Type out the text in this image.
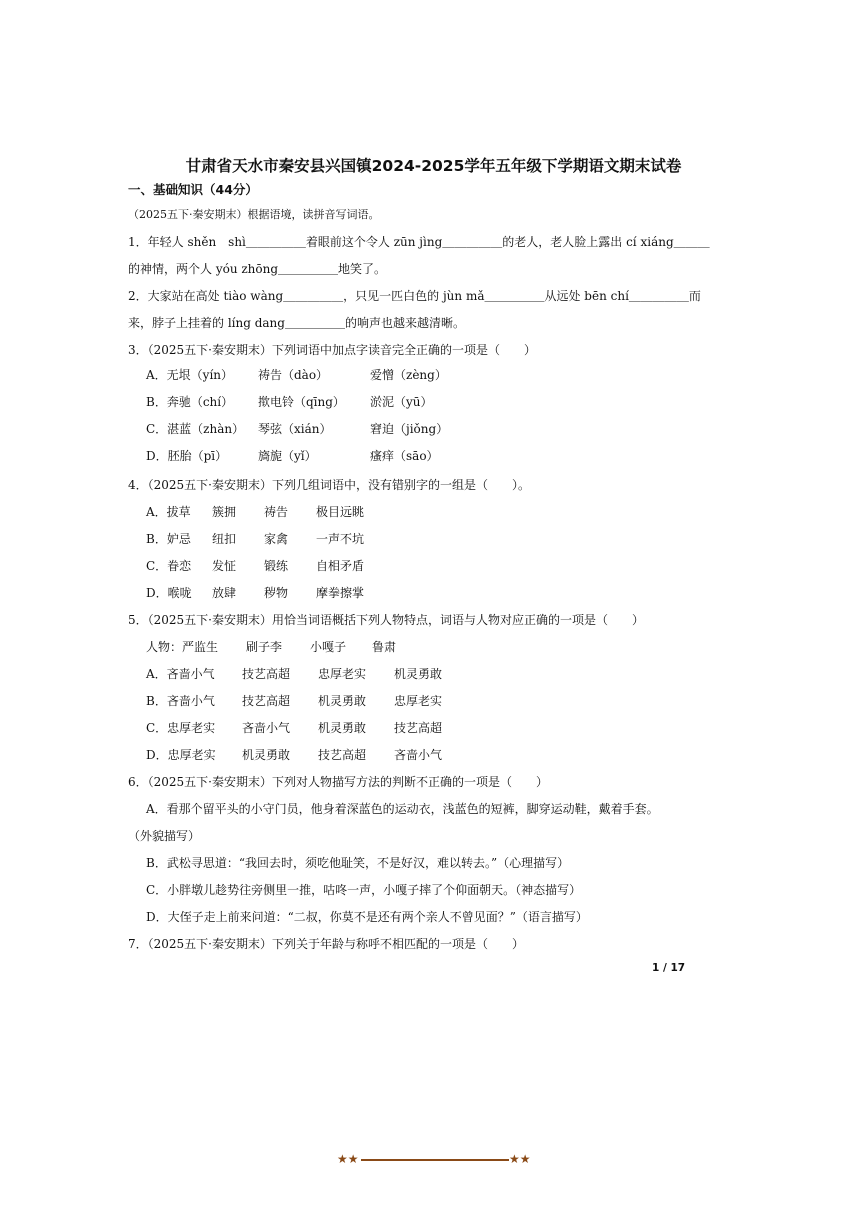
甘肃省天水市秦安县兴国镇2024-2025学年五年级下学期语文期末试卷
一、基础知识（44分）
（2025五下·秦安期末）根据语境，读拼音写词语。
1．年轻人 shěn　shì＿＿＿＿＿着眼前这个令人 zūn jìng＿＿＿＿＿的老人，老人脸上露出 cí xiáng＿＿＿
的神情，两个人 yóu zhōng＿＿＿＿＿地笑了。
2．大家站在高处 tiào wàng＿＿＿＿＿，只见一匹白色的 jùn mǎ＿＿＿＿＿从远处 bēn chí＿＿＿＿＿而
来，脖子上挂着的 líng dang＿＿＿＿＿的响声也越来越清晰。
3．（2025五下·秦安期末）下列词语中加点字读音完全正确的一项是（　　）
A．无垠（yín） 祷告（dào）	爱憎（zèng）
B．奔驰（chí） 揿电铃（qīng） 淤泥（yū）
C．湛蓝（zhàn） 琴弦（xián）	窘迫（jiǒng）
D．胚胎（pī）	旖旎（yǐ）	瘙痒（sāo）
4．（2025五下·秦安期末）下列几组词语中，没有错别字的一组是（　　）。
A．拔草 簇拥 祷告 极目远眺
B．妒忌 纽扣 家禽 一声不坑
C．眷恋 发怔 锻练 自相矛盾
D．喉咙 放肆 秽物 摩拳擦掌
5．（2025五下·秦安期末）用恰当词语概括下列人物特点，词语与人物对应正确的一项是（　　）
人物：严监生 刷子李 小嘎子 鲁肃
A．吝啬小气 技艺高超 忠厚老实 机灵勇敢
B．吝啬小气 技艺高超 机灵勇敢 忠厚老实
C．忠厚老实 吝啬小气 机灵勇敢 技艺高超
D．忠厚老实 机灵勇敢 技艺高超 吝啬小气
6．（2025五下·秦安期末）下列对人物描写方法的判断不正确的一项是（　　）
A．看那个留平头的小守门员，他身着深蓝色的运动衣，浅蓝色的短裤，脚穿运动鞋，戴着手套。
（外貌描写）
B．武松寻思道：“我回去时，须吃他耻笑，不是好汉，难以转去。”（心理描写）
C．小胖墩儿趁势往旁侧里一推，咕咚一声，小嘎子摔了个仰面朝天。（神态描写）
D．大侄子走上前来问道：“二叔，你莫不是还有两个亲人不曾见面？”（语言描写）
7．（2025五下·秦安期末）下列关于年龄与称呼不相匹配的一项是（　　）
1 / 17
★★	★★
